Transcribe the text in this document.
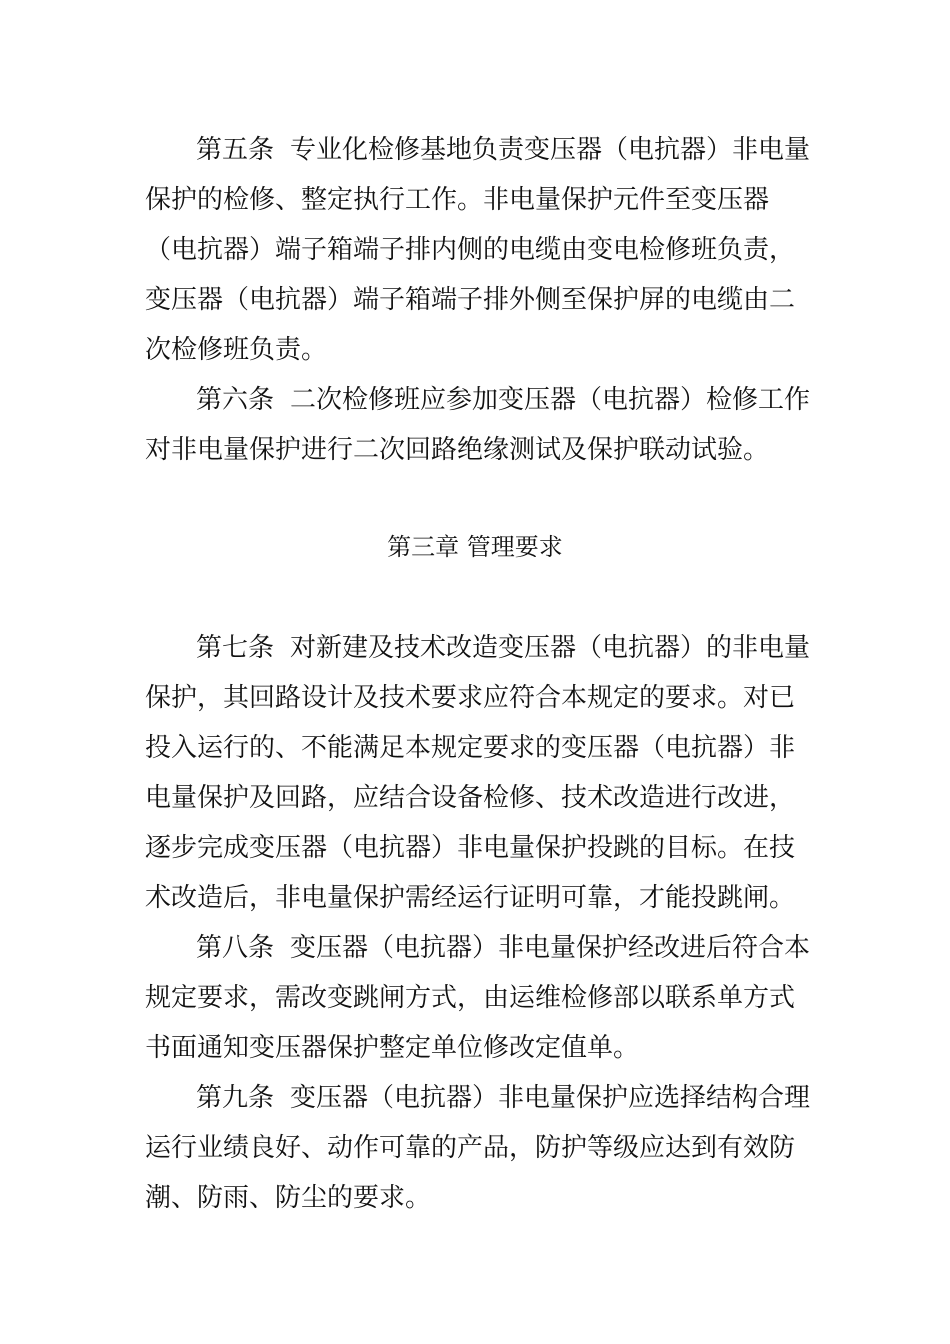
第五条 专业化检修基地负责变压器（电抗器）非电量
保护的检修、整定执行工作。非电量保护元件至变压器
（电抗器）端子箱端子排内侧的电缆由变电检修班负责，
变压器（电抗器）端子箱端子排外侧至保护屏的电缆由二
次检修班负责。
第六条 二次检修班应参加变压器（电抗器）检修工作
对非电量保护进行二次回路绝缘测试及保护联动试验。
第三章 管理要求
第七条 对新建及技术改造变压器（电抗器）的非电量
保护，其回路设计及技术要求应符合本规定的要求。对已
投入运行的、不能满足本规定要求的变压器（电抗器）非
电量保护及回路，应结合设备检修、技术改造进行改进，
逐步完成变压器（电抗器）非电量保护投跳的目标。在技
术改造后，非电量保护需经运行证明可靠，才能投跳闸。
第八条 变压器（电抗器）非电量保护经改进后符合本
规定要求，需改变跳闸方式，由运维检修部以联系单方式
书面通知变压器保护整定单位修改定值单。
第九条 变压器（电抗器）非电量保护应选择结构合理
运行业绩良好、动作可靠的产品，防护等级应达到有效防
潮、防雨、防尘的要求。
